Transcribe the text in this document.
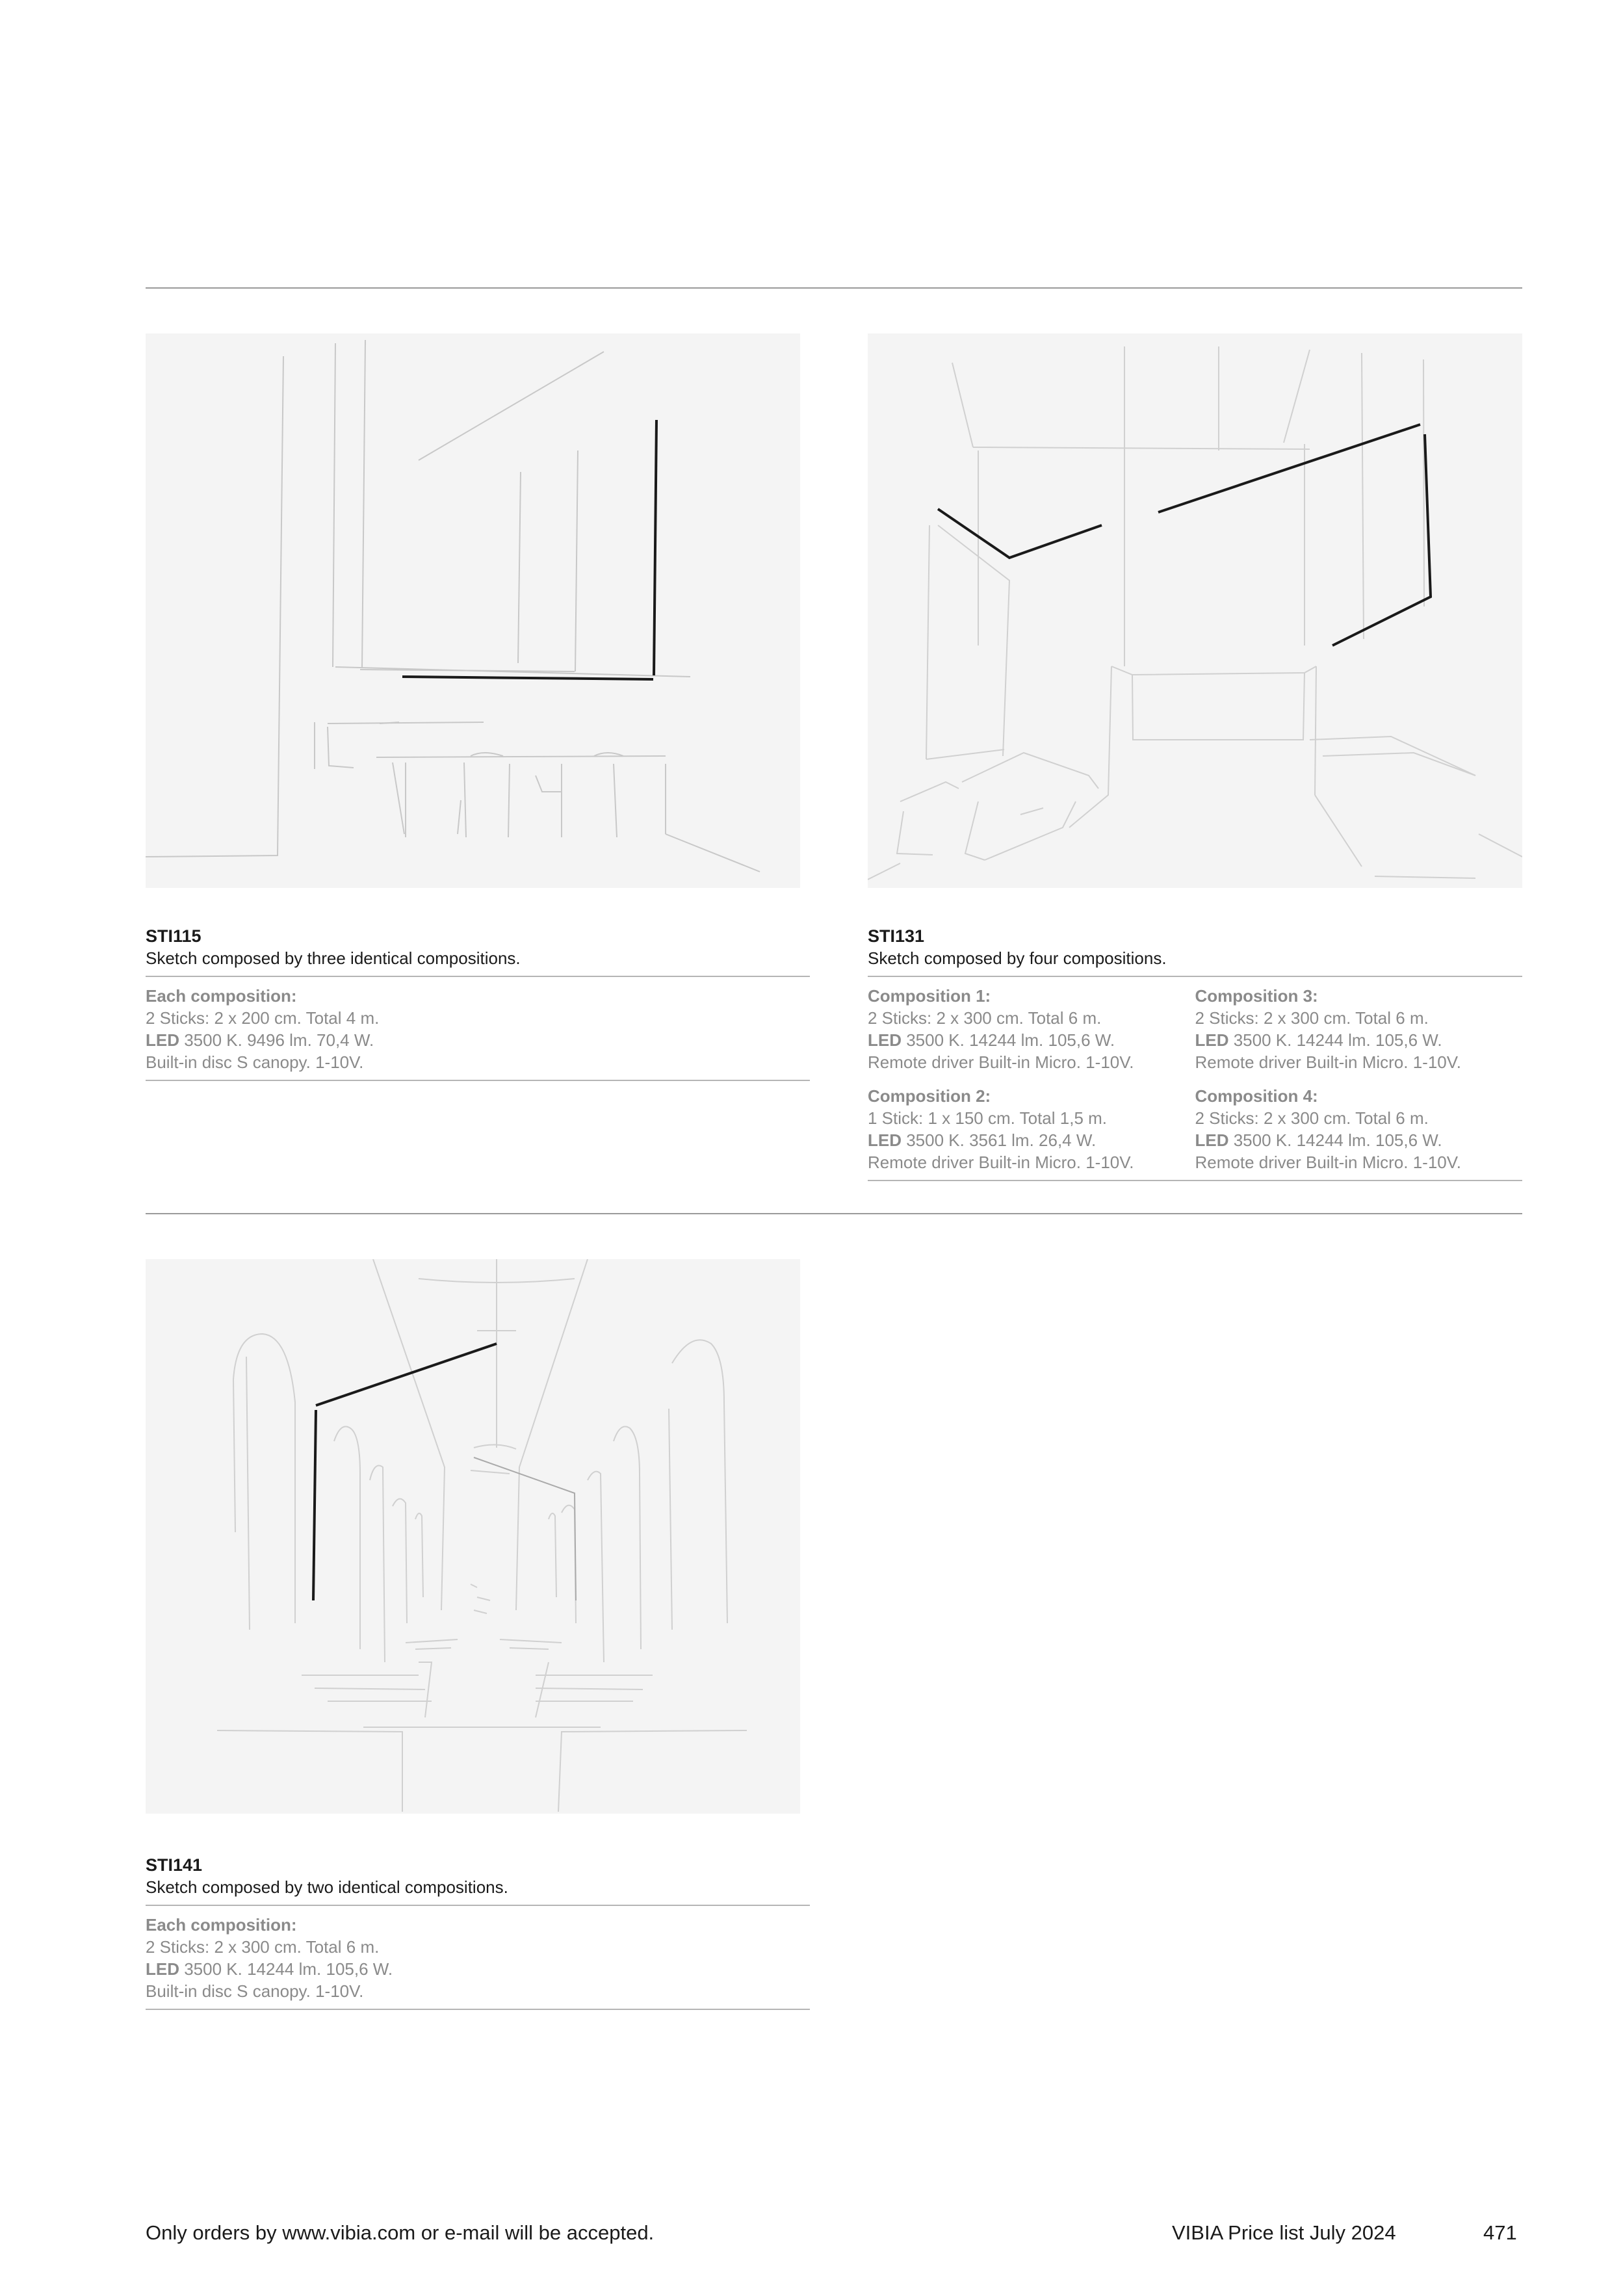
STI115

Sketch composed by three identical compositions.

Each composition:

2 Sticks: 2 x 200 cm. Total 4 m.

LED 3500 K. 9496 lm. 70,4 W.

Built-in disc S canopy. 1-10V.

STI131

Sketch composed by four compositions.

Composition 1:

2 Sticks: 2 x 300 cm. Total 6 m.

LED 3500 K. 14244 lm. 105,6 W.

Remote driver Built-in Micro. 1-10V.

Composition 2:

1 Stick: 1 x 150 cm. Total 1,5 m.

LED 3500 K. 3561 lm. 26,4 W.

Remote driver Built-in Micro. 1-10V.

Composition 3:

2 Sticks: 2 x 300 cm. Total 6 m.

LED 3500 K. 14244 lm. 105,6 W.

Remote driver Built-in Micro. 1-10V.

Composition 4:

2 Sticks: 2 x 300 cm. Total 6 m.

LED 3500 K. 14244 lm. 105,6 W.

Remote driver Built-in Micro. 1-10V.

STI141

Sketch composed by two identical compositions.

Each composition:

2 Sticks: 2 x 300 cm. Total 6 m.

LED 3500 K. 14244 lm. 105,6 W.

Built-in disc S canopy. 1-10V.

Only orders by www.vibia.com or e-mail will be accepted.	VIBIA Price list July 2024	471
